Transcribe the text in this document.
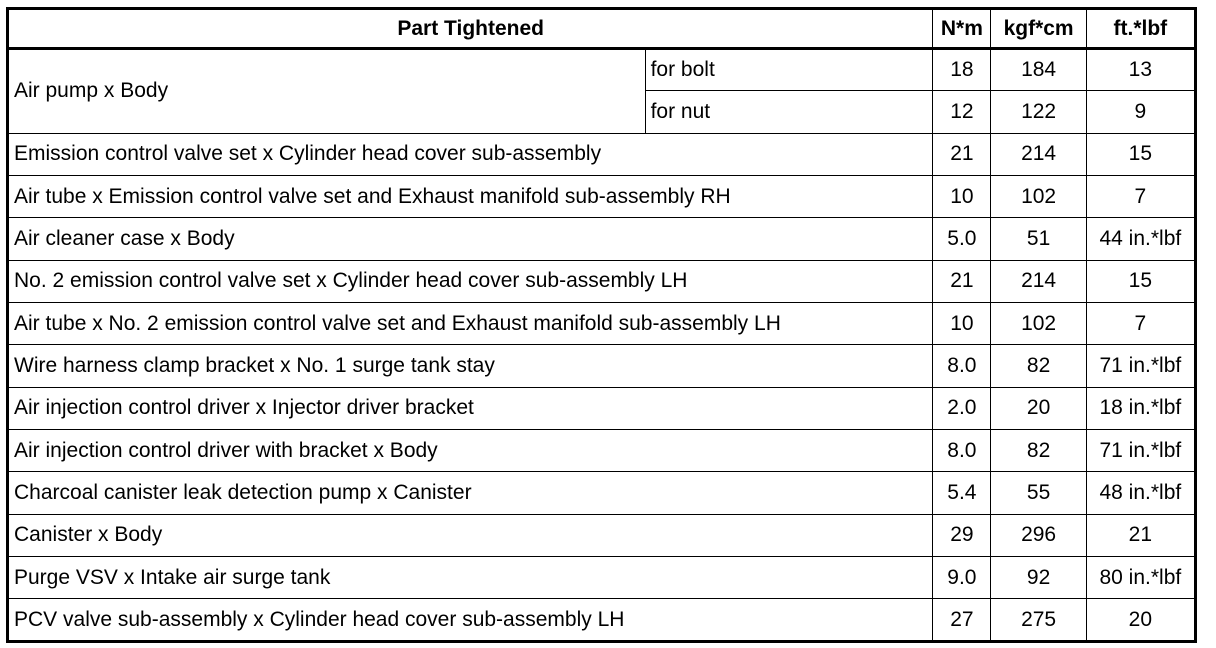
Part Tightened		N*m	kgf*cm	ft.*lbf
Air pump x Body	for bolt	18	184	13
	for nut	12	122	9
Emission control valve set x Cylinder head cover sub-assembly		21	214	15
Air tube x Emission control valve set and Exhaust manifold sub-assembly RH		10	102	7
Air cleaner case x Body		5.0	51	44 in.*lbf
No. 2 emission control valve set x Cylinder head cover sub-assembly LH		21	214	15
Air tube x No. 2 emission control valve set and Exhaust manifold sub-assembly LH		10	102	7
Wire harness clamp bracket x No. 1 surge tank stay		8.0	82	71 in.*lbf
Air injection control driver x Injector driver bracket		2.0	20	18 in.*lbf
Air injection control driver with bracket x Body		8.0	82	71 in.*lbf
Charcoal canister leak detection pump x Canister		5.4	55	48 in.*lbf
Canister x Body		29	296	21
Purge VSV x Intake air surge tank		9.0	92	80 in.*lbf
PCV valve sub-assembly x Cylinder head cover sub-assembly LH		27	275	20
